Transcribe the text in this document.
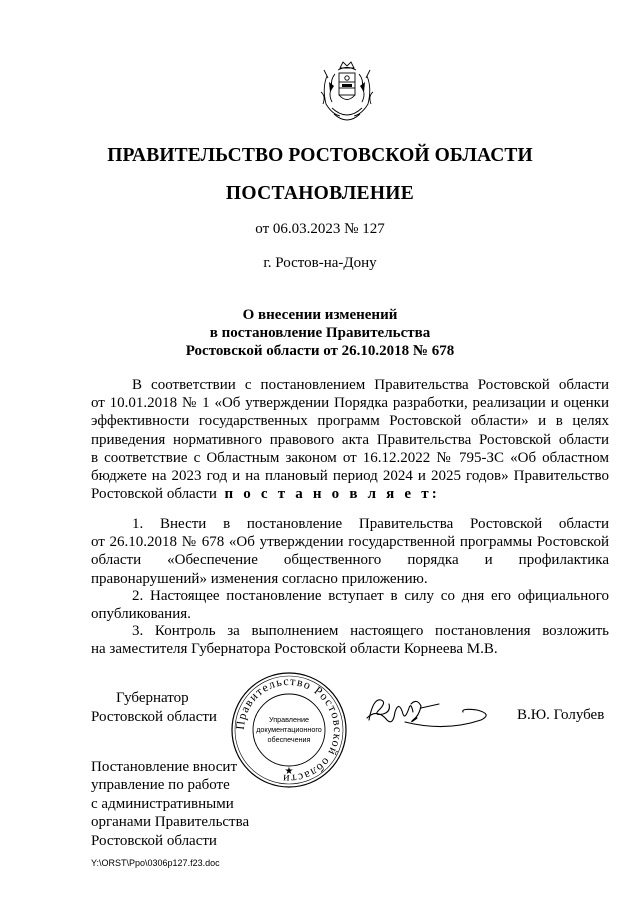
ПРАВИТЕЛЬСТВО РОСТОВСКОЙ ОБЛАСТИ
ПОСТАНОВЛЕНИЕ
от 06.03.2023 № 127
г. Ростов-на-Дону
О внесении изменений
в постановление Правительства
Ростовской области от 26.10.2018 № 678
В соответствии с постановлением Правительства Ростовской области
от 10.01.2018 № 1 «Об утверждении Порядка разработки, реализации и оценки
эффективности государственных программ Ростовской области» и в целях
приведения нормативного правового акта Правительства Ростовской области
в соответствие с Областным законом от 16.12.2022 № 795-ЗС «Об областном
бюджете на 2023 год и на плановый период 2024 и 2025 годов» Правительство
Ростовской области п о с т а н о в л я е т:
1. Внести в постановление Правительства Ростовской области
от 26.10.2018 № 678 «Об утверждении государственной программы Ростовской
области «Обеспечение общественного порядка и профилактика
правонарушений» изменения согласно приложению.
2. Настоящее постановление вступает в силу со дня его официального
опубликования.
3. Контроль за выполнением настоящего постановления возложить
на заместителя Губернатора Ростовской области Корнеева М.В.
Губернатор
Ростовской области
Правительство Ростовской области
★
Управление
документационного
обеспечения
В.Ю. Голубев
Постановление вносит
управление по работе
с административными
органами Правительства
Ростовской области
Y:\ORST\Ppo\0306p127.f23.doc
